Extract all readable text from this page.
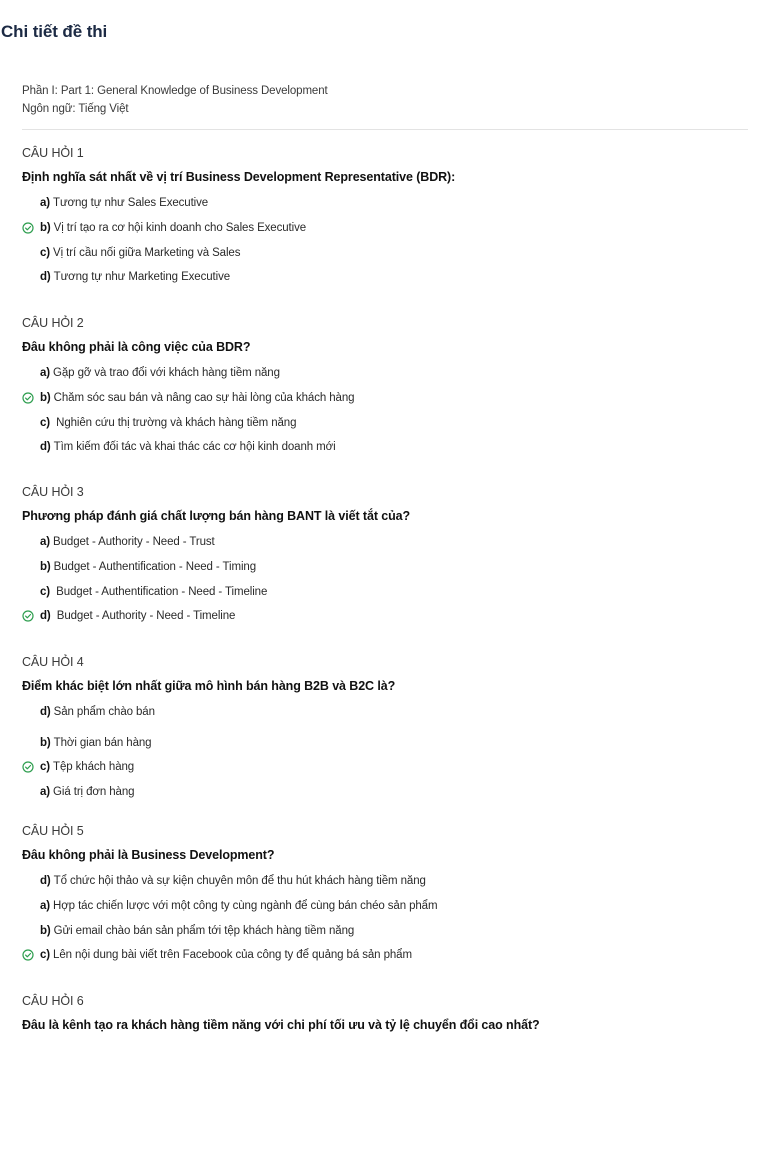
Chi tiết đề thi
Phần I: Part 1: General Knowledge of Business Development
Ngôn ngữ: Tiếng Việt
CÂU HỎI 1
Định nghĩa sát nhất về vị trí Business Development Representative (BDR):
a) Tương tự như Sales Executive
b) Vị trí tạo ra cơ hội kinh doanh cho Sales Executive
c) Vị trí cầu nối giữa Marketing và Sales
d) Tương tự như Marketing Executive
CÂU HỎI 2
Đâu không phải là công việc của BDR?
a) Gặp gỡ và trao đổi với khách hàng tiềm năng
b) Chăm sóc sau bán và nâng cao sự hài lòng của khách hàng
c) Nghiên cứu thị trường và khách hàng tiềm năng
d) Tìm kiếm đối tác và khai thác các cơ hội kinh doanh mới
CÂU HỎI 3
Phương pháp đánh giá chất lượng bán hàng BANT là viết tắt của?
a) Budget - Authority - Need - Trust
b) Budget - Authentification - Need - Timing
c) Budget - Authentification - Need - Timeline
d) Budget - Authority - Need - Timeline
CÂU HỎI 4
Điểm khác biệt lớn nhất giữa mô hình bán hàng B2B và B2C là?
d) Sản phẩm chào bán
b) Thời gian bán hàng
c) Tệp khách hàng
a) Giá trị đơn hàng
CÂU HỎI 5
Đâu không phải là Business Development?
d) Tổ chức hội thảo và sự kiện chuyên môn để thu hút khách hàng tiềm năng
a) Hợp tác chiến lược với một công ty cùng ngành để cùng bán chéo sản phẩm
b) Gửi email chào bán sản phẩm tới tệp khách hàng tiềm năng
c) Lên nội dung bài viết trên Facebook của công ty để quảng bá sản phẩm
CÂU HỎI 6
Đâu là kênh tạo ra khách hàng tiềm năng với chi phí tối ưu và tỷ lệ chuyển đổi cao nhất?
